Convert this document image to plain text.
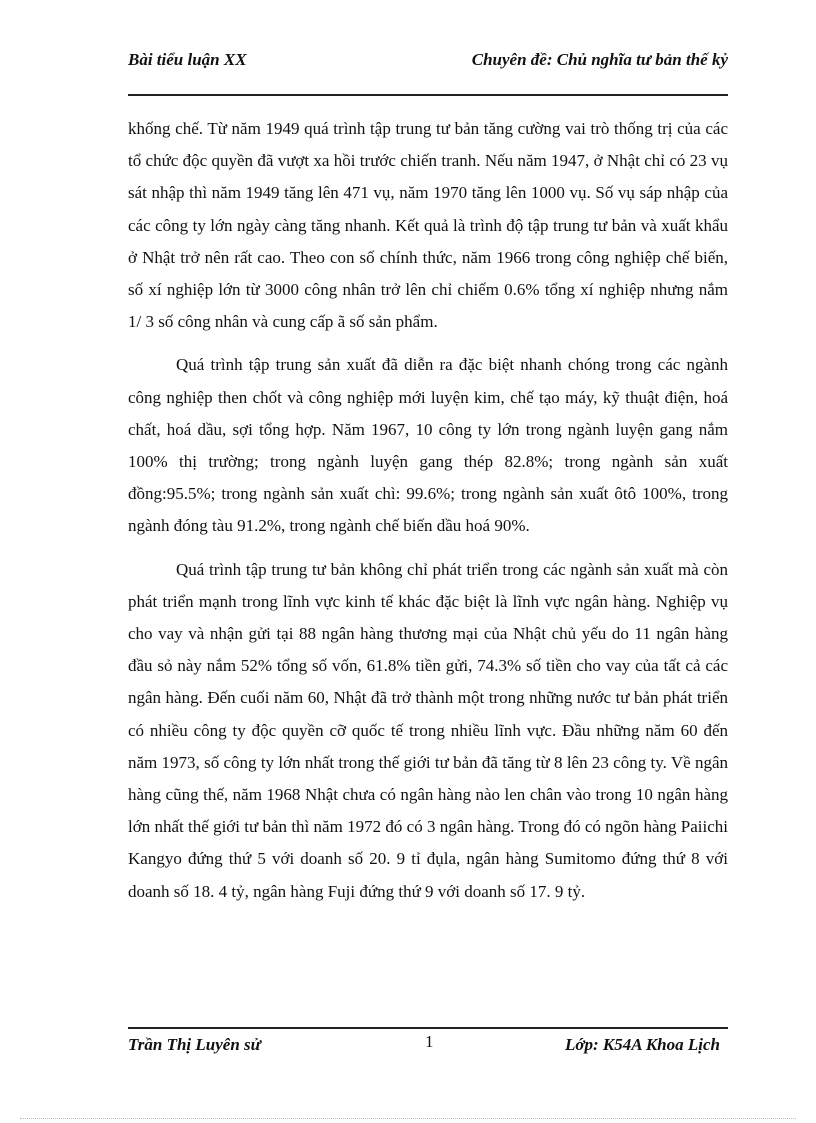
Bài tiểu luận XX	Chuyên đề: Chủ nghĩa tư bản thế kỷ

khống chế. Từ năm 1949 quá trình tập trung tư bản tăng cường vai trò thống trị của các tổ chức độc quyền đã vượt xa hồi trước chiến tranh. Nếu năm 1947, ở Nhật chỉ có 23 vụ sát nhập thì năm 1949 tăng lên 471 vụ, năm 1970 tăng lên 1000 vụ. Số vụ sáp nhập của các công ty lớn ngày càng tăng nhanh. Kết quả là trình độ tập trung tư bản và xuất khẩu ở Nhật trở nên rất cao. Theo con số chính thức, năm 1966 trong công nghiệp chế biến, số xí nghiệp lớn từ 3000 công nhân trở lên chỉ chiếm 0.6% tổng xí nghiệp nhưng nắm 1/ 3 số công nhân và cung cấp ã số sản phẩm.

Quá trình tập trung sản xuất đã diễn ra đặc biệt nhanh chóng trong các ngành công nghiệp then chốt và công nghiệp mới luyện kim, chế tạo máy, kỹ thuật điện, hoá chất, hoá dầu, sợi tổng hợp. Năm 1967, 10 công ty lớn trong ngành luyện gang nắm 100% thị trường; trong ngành luyện gang thép 82.8%; trong ngành sản xuất đồng:95.5%; trong ngành sản xuất chì: 99.6%; trong ngành sản xuất ôtô 100%, trong ngành đóng tàu 91.2%, trong ngành chế biến dầu hoá 90%.

Quá trình tập trung tư bản không chỉ phát triển trong các ngành sản xuất mà còn phát triển mạnh trong lĩnh vực kinh tế khác đặc biệt là lĩnh vực ngân hàng. Nghiệp vụ cho vay và nhận gửi tại 88 ngân hàng thương mại của Nhật chủ yếu do 11 ngân hàng đầu sỏ này nắm 52% tổng số vốn, 61.8% tiền gửi, 74.3% số tiền cho vay của tất cả các ngân hàng. Đến cuối năm 60, Nhật đã trở thành một trong những nước tư bản phát triển có nhiều công ty độc quyền cỡ quốc tế trong nhiều lĩnh vực. Đầu những năm 60 đến năm 1973, số công ty lớn nhất trong thế giới tư bản đã tăng từ 8 lên 23 công ty. Về ngân hàng cũng thế, năm 1968 Nhật chưa có ngân hàng nào len chân vào trong 10 ngân hàng lớn nhất thế giới tư bản thì năm 1972 đó có 3 ngân hàng. Trong đó có ngõn hàng Paiichi Kangyo đứng thứ 5 với doanh số 20. 9 tỉ đụla, ngân hàng Sumitomo đứng thứ 8 với doanh số 18. 4 tỷ, ngân hàng Fuji đứng thứ 9 với doanh số 17. 9 tỷ.

Trần Thị Luyên sử	1	Lớp: K54A Khoa Lịch
